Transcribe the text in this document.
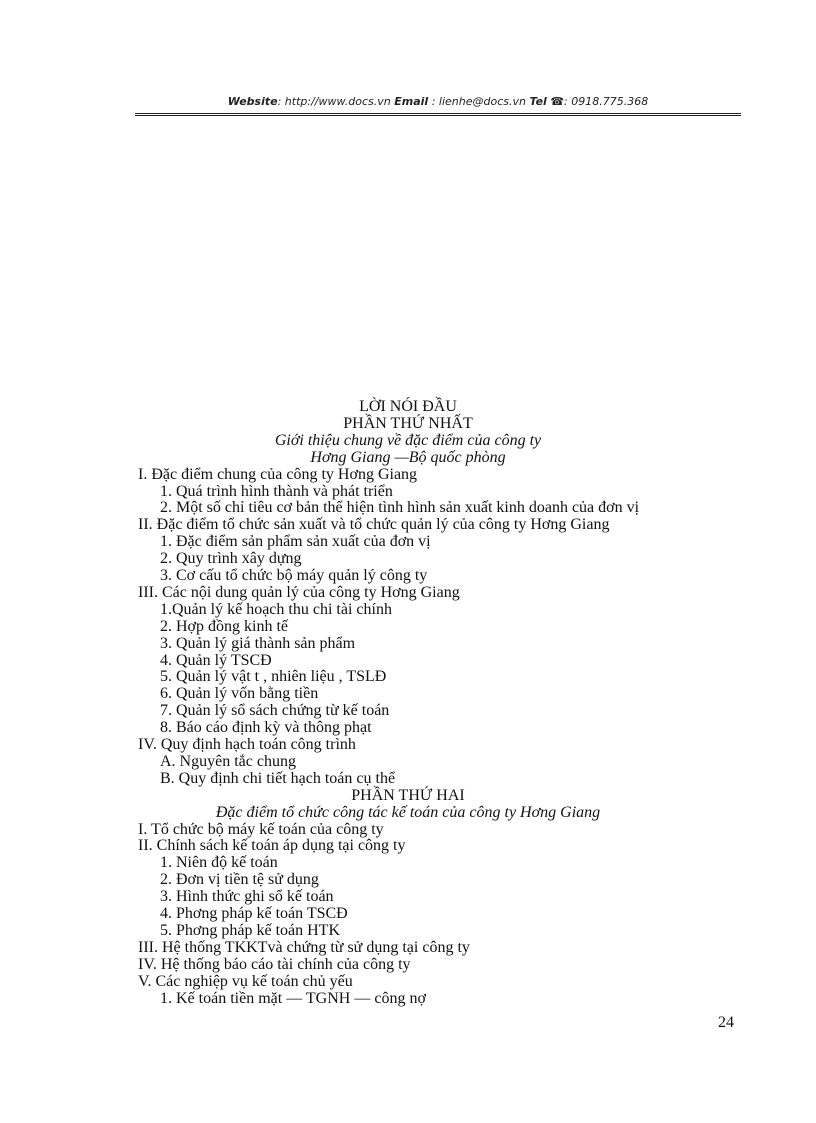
Website: http://www.docs.vn Email : lienhe@docs.vn Tel ☎: 0918.775.368
LỜI NÓI ĐẦU
PHẦN THỨ NHẤT
Giới thiệu chung về đặc điểm của công ty
Hơng Giang —Bộ quốc phòng
I. Đặc điểm chung của công ty Hơng Giang
1. Quá trình hình thành và phát triển
2. Một số chỉ tiêu cơ bản thể hiện tình hình sản xuất kinh doanh của đơn vị
II. Đặc điểm tổ chức sản xuất và tổ chức quản lý của công ty Hơng Giang
1. Đặc điểm sản phẩm sản xuất của đơn vị
2. Quy trình xây dựng
3. Cơ cấu tổ chức bộ máy quản lý công ty
III. Các nội dung quản lý của công ty Hơng Giang
1.Quản lý kế hoạch thu chi tài chính
2. Hợp đồng kinh tế
3. Quản lý giá thành sản phẩm
4. Quản lý TSCĐ
5. Quản lý vật t , nhiên liệu , TSLĐ
6. Quản lý vốn bằng tiền
7. Quản lý sổ sách chứng từ kế toán
8. Báo cáo định kỳ và thông phạt
IV. Quy định hạch toán công trình
A. Nguyên tắc chung
B. Quy định chi tiết hạch toán cụ thể
PHẦN THỨ HAI
Đặc điểm tổ chức công tác kế toán của công ty Hơng Giang
I. Tổ chức bộ máy kế toán của công ty
II. Chính sách kế toán áp dụng tại công ty
1. Niên độ kế toán
2. Đơn vị tiền tệ sử dụng
3. Hình thức ghi sổ kế toán
4. Phơng pháp kế toán TSCĐ
5. Phơng pháp kế toán HTK
III. Hệ thống TKKTvà chứng từ sử dụng tại công ty
IV. Hệ thống báo cáo tài chính của công ty
V. Các nghiệp vụ kế toán chủ yếu
1. Kế toán tiền mặt — TGNH — công nợ
24
